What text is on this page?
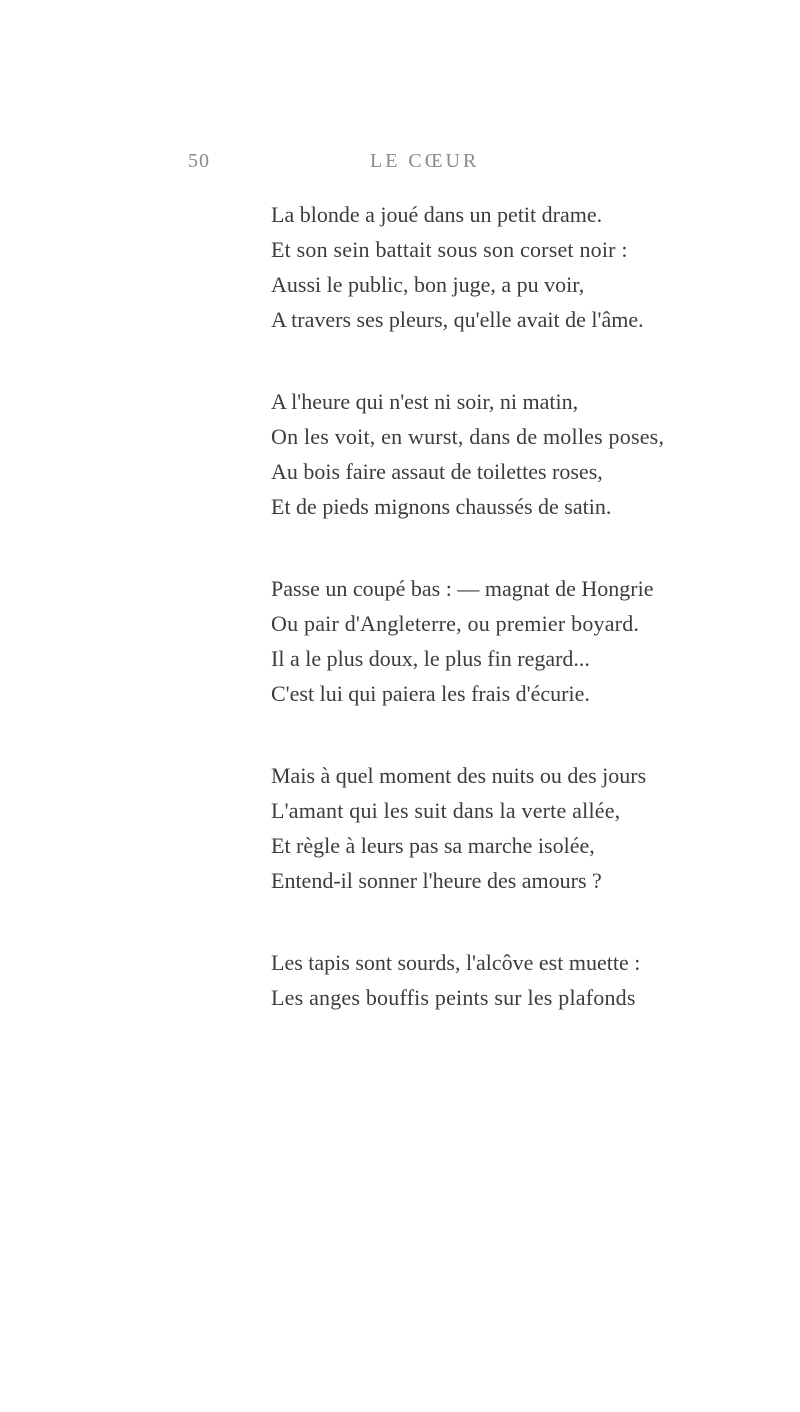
50	LE CŒUR
La blonde a joué dans un petit drame.
Et son sein battait sous son corset noir :
Aussi le public, bon juge, a pu voir,
A travers ses pleurs, qu'elle avait de l'âme.
A l'heure qui n'est ni soir, ni matin,
On les voit, en wurst, dans de molles poses,
Au bois faire assaut de toilettes roses,
Et de pieds mignons chaussés de satin.
Passe un coupé bas : — magnat de Hongrie
Ou pair d'Angleterre, ou premier boyard.
Il a le plus doux, le plus fin regard...
C'est lui qui paiera les frais d'écurie.
Mais à quel moment des nuits ou des jours
L'amant qui les suit dans la verte allée,
Et règle à leurs pas sa marche isolée,
Entend-il sonner l'heure des amours ?
Les tapis sont sourds, l'alcôve est muette :
Les anges bouffis peints sur les plafonds
